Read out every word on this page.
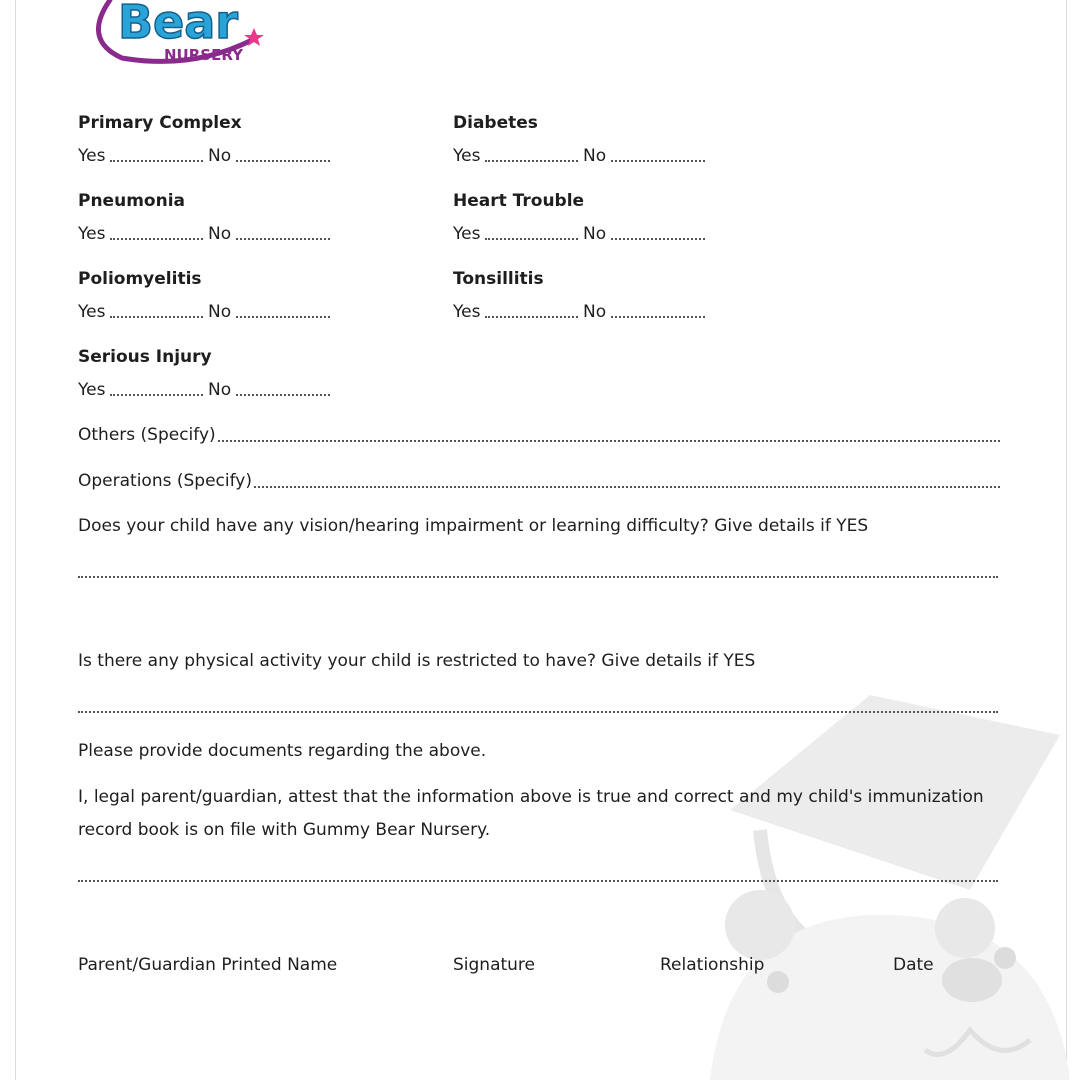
Bear
NURSERY
Primary Complex
Yes	No
Diabetes
Yes	No
Pneumonia
Yes	No
Heart Trouble
Yes	No
Poliomyelitis
Yes	No
Tonsillitis
Yes	No
Serious Injury
Yes	No
Others (Specify)
Operations (Specify)
Does your child have any vision/hearing impairment or learning difficulty? Give details if YES
Is there any physical activity your child is restricted to have? Give details if YES
Please provide documents regarding the above.
I, legal parent/guardian, attest that the information above is true and correct and my child's immunization
record book is on file with Gummy Bear Nursery.
Parent/Guardian Printed Name	Signature	Relationship	Date
